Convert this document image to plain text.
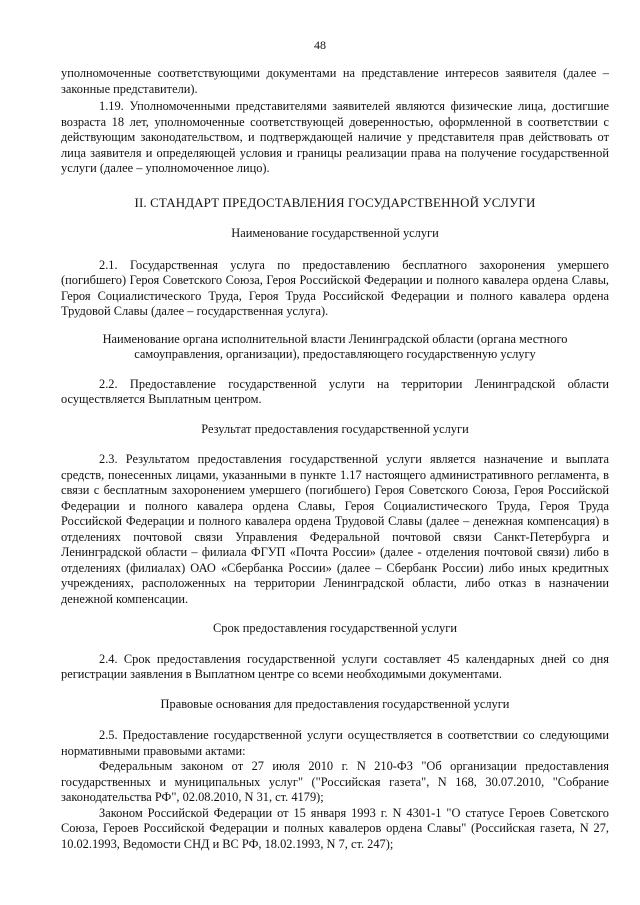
48

уполномоченные соответствующими документами на представление интересов заявителя (далее – законные представители).

1.19. Уполномоченными представителями заявителей являются физические лица, достигшие возраста 18 лет, уполномоченные соответствующей доверенностью, оформленной в соответствии с действующим законодательством, и подтверждающей наличие у представителя прав действовать от лица заявителя и определяющей условия и границы реализации права на получение государственной услуги (далее – уполномоченное лицо).

II. СТАНДАРТ ПРЕДОСТАВЛЕНИЯ ГОСУДАРСТВЕННОЙ УСЛУГИ

Наименование государственной услуги

2.1. Государственная услуга по предоставлению бесплатного захоронения умершего (погибшего) Героя Советского Союза, Героя Российской Федерации и полного кавалера ордена Славы, Героя Социалистического Труда, Героя Труда Российской Федерации и полного кавалера ордена Трудовой Славы (далее – государственная услуга).

Наименование органа исполнительной власти Ленинградской области (органа местного самоуправления, организации), предоставляющего государственную услугу

2.2. Предоставление государственной услуги на территории Ленинградской области осуществляется Выплатным центром.

Результат предоставления государственной услуги

2.3. Результатом предоставления государственной услуги является назначение и выплата средств, понесенных лицами, указанными в пункте 1.17 настоящего административного регламента, в связи с бесплатным захоронением умершего (погибшего) Героя Советского Союза, Героя Российской Федерации и полного кавалера ордена Славы, Героя Социалистического Труда, Героя Труда Российской Федерации и полного кавалера ордена Трудовой Славы (далее – денежная компенсация) в отделениях почтовой связи Управления Федеральной почтовой связи Санкт-Петербурга и Ленинградской области – филиала ФГУП «Почта России» (далее - отделения почтовой связи) либо в отделениях (филиалах) ОАО «Сбербанка России» (далее – Сбербанк России) либо иных кредитных учреждениях, расположенных на территории Ленинградской области, либо отказ в назначении денежной компенсации.

Срок предоставления государственной услуги

2.4. Срок предоставления государственной услуги составляет 45 календарных дней со дня регистрации заявления в Выплатном центре со всеми необходимыми документами.

Правовые основания для предоставления государственной услуги

2.5. Предоставление государственной услуги осуществляется в соответствии со следующими нормативными правовыми актами:

Федеральным законом от 27 июля 2010 г. N 210-ФЗ "Об организации предоставления государственных и муниципальных услуг" ("Российская газета", N 168, 30.07.2010, "Собрание законодательства РФ", 02.08.2010, N 31, ст. 4179);

Законом Российской Федерации от 15 января 1993 г. N 4301-1 "О статусе Героев Советского Союза, Героев Российской Федерации и полных кавалеров ордена Славы" (Российская газета, N 27, 10.02.1993, Ведомости СНД и ВС РФ, 18.02.1993, N 7, ст. 247);
